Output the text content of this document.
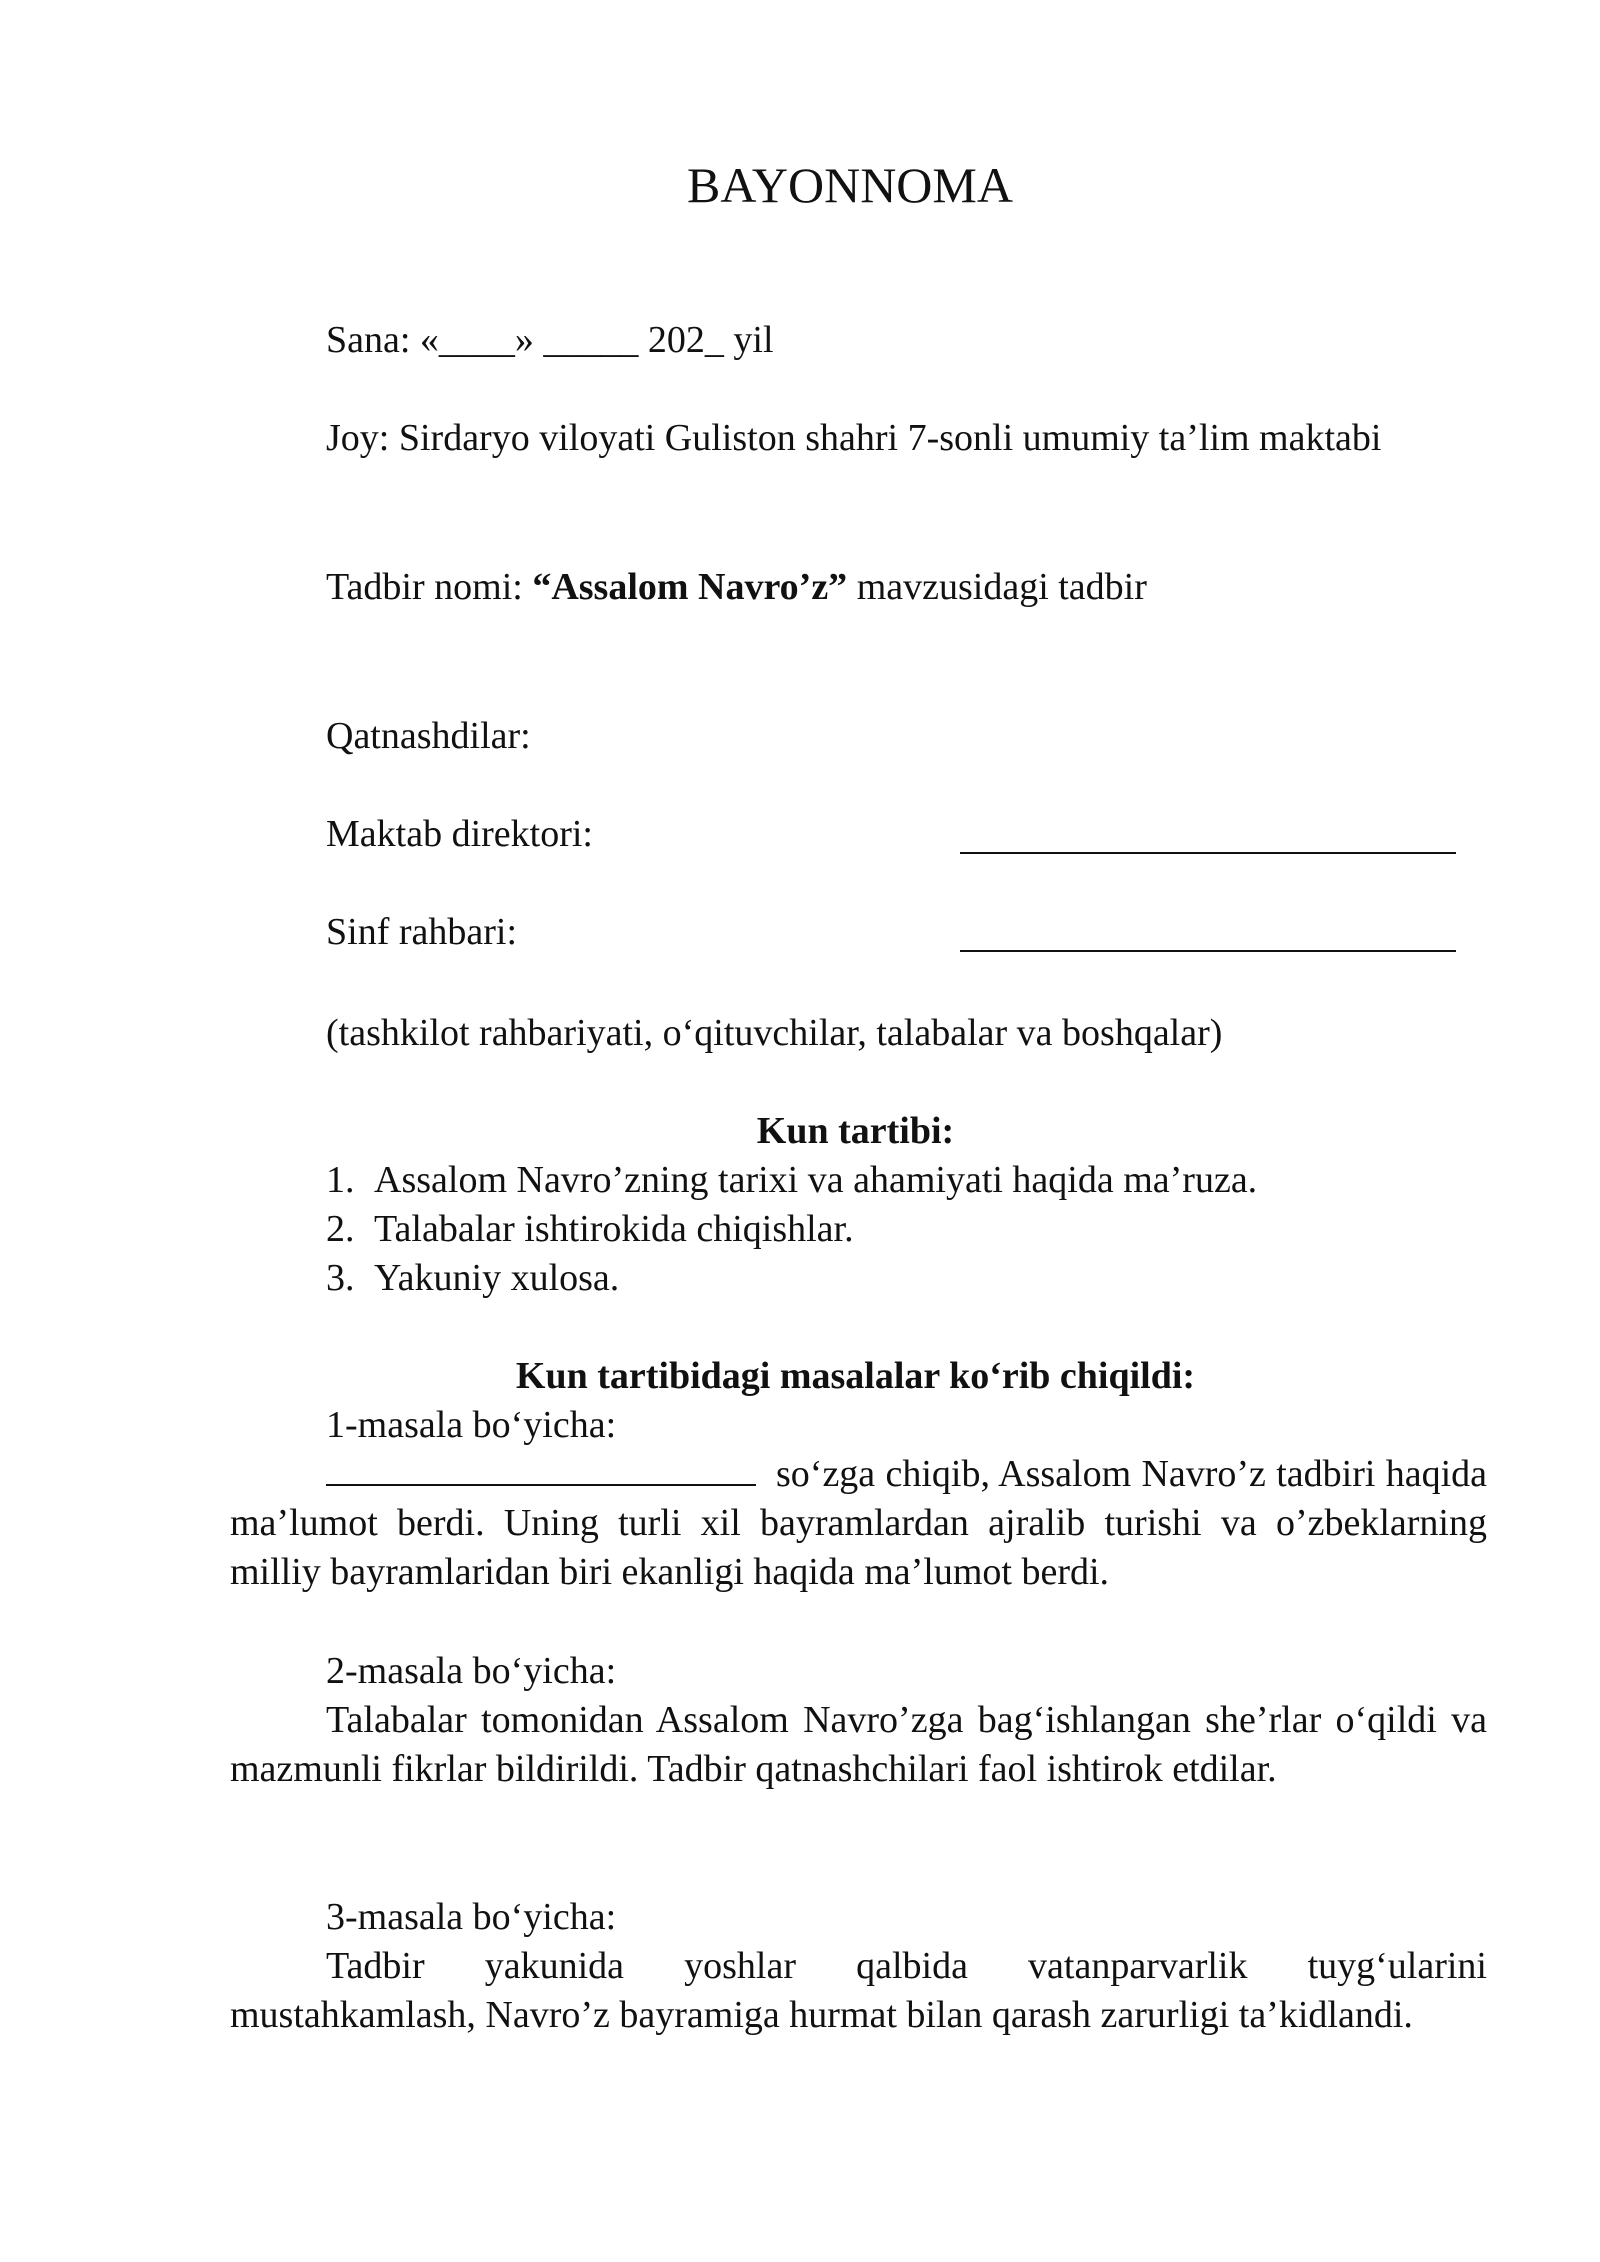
BAYONNOMA
Sana: «____» _____ 202_ yil
Joy: Sirdaryo viloyati Guliston shahri 7-sonli umumiy ta’lim maktabi
Tadbir nomi: “Assalom Navro’z” mavzusidagi tadbir
Qatnashdilar:
Maktab direktori:
Sinf rahbari:
(tashkilot rahbariyati, o‘qituvchilar, talabalar va boshqalar)
Kun tartibi:
1. Assalom Navro’zning tarixi va ahamiyati haqida ma’ruza.
2. Talabalar ishtirokida chiqishlar.
3. Yakuniy xulosa.
Kun tartibidagi masalalar ko‘rib chiqildi:
1-masala bo‘yicha:
so‘zga chiqib, Assalom Navro’z tadbiri haqida ma’lumot berdi. Uning turli xil bayramlardan ajralib turishi va o’zbeklarning milliy bayramlaridan biri ekanligi haqida ma’lumot berdi.
2-masala bo‘yicha:
Talabalar tomonidan Assalom Navro’zga bag‘ishlangan she’rlar o‘qildi va mazmunli fikrlar bildirildi. Tadbir qatnashchilari faol ishtirok etdilar.
3-masala bo‘yicha:
Tadbir yakunida yoshlar qalbida vatanparvarlik tuyg‘ularini mustahkamlash, Navro’z bayramiga hurmat bilan qarash zarurligi ta’kidlandi.
